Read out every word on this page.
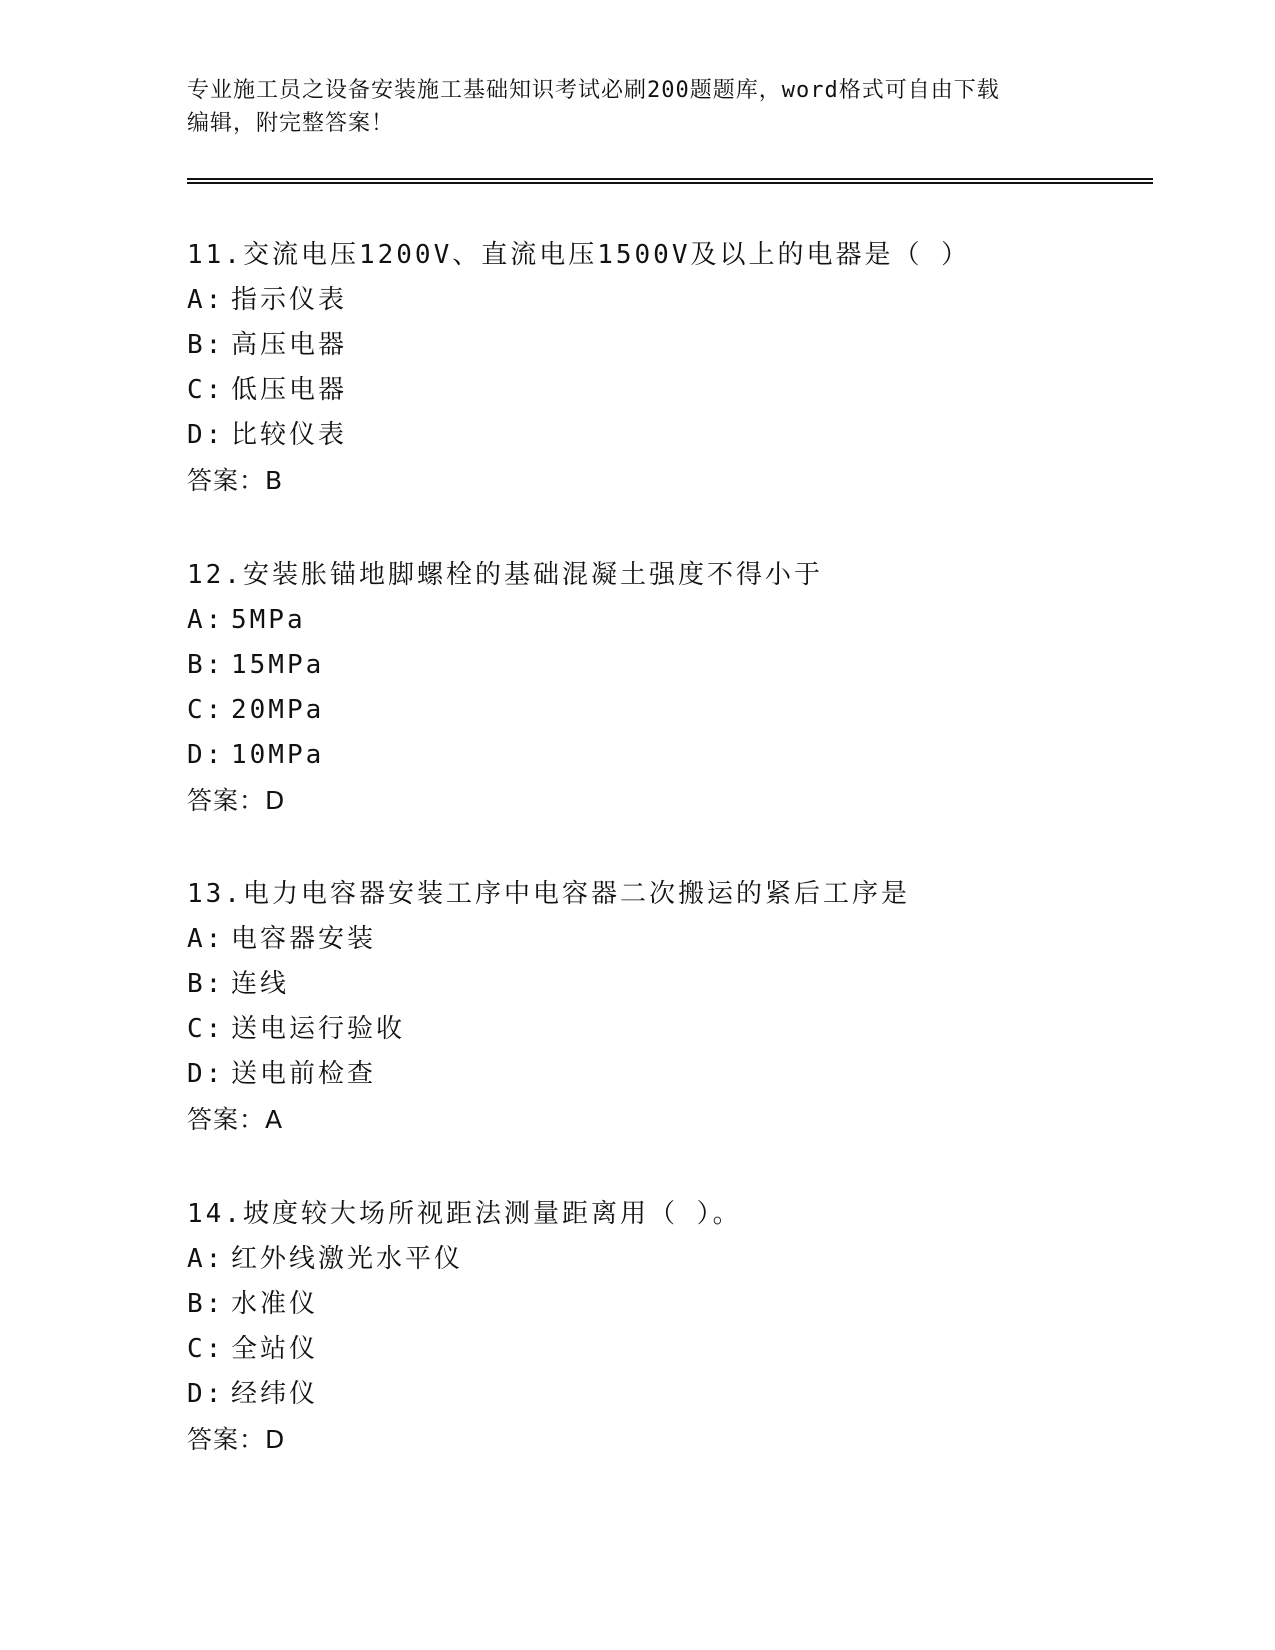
专业施工员之设备安装施工基础知识考试必刷200题题库，word格式可自由下载
编辑，附完整答案！
11.交流电压1200V、直流电压1500V及以上的电器是（ ）
A: 指示仪表
B: 高压电器
C: 低压电器
D: 比较仪表
答案：B
12.安装胀锚地脚螺栓的基础混凝土强度不得小于
A: 5MPa
B: 15MPa
C: 20MPa
D: 10MPa
答案：D
13.电力电容器安装工序中电容器二次搬运的紧后工序是
A: 电容器安装
B: 连线
C: 送电运行验收
D: 送电前检查
答案：A
14.坡度较大场所视距法测量距离用（ ）。
A: 红外线激光水平仪
B: 水准仪
C: 全站仪
D: 经纬仪
答案：D
